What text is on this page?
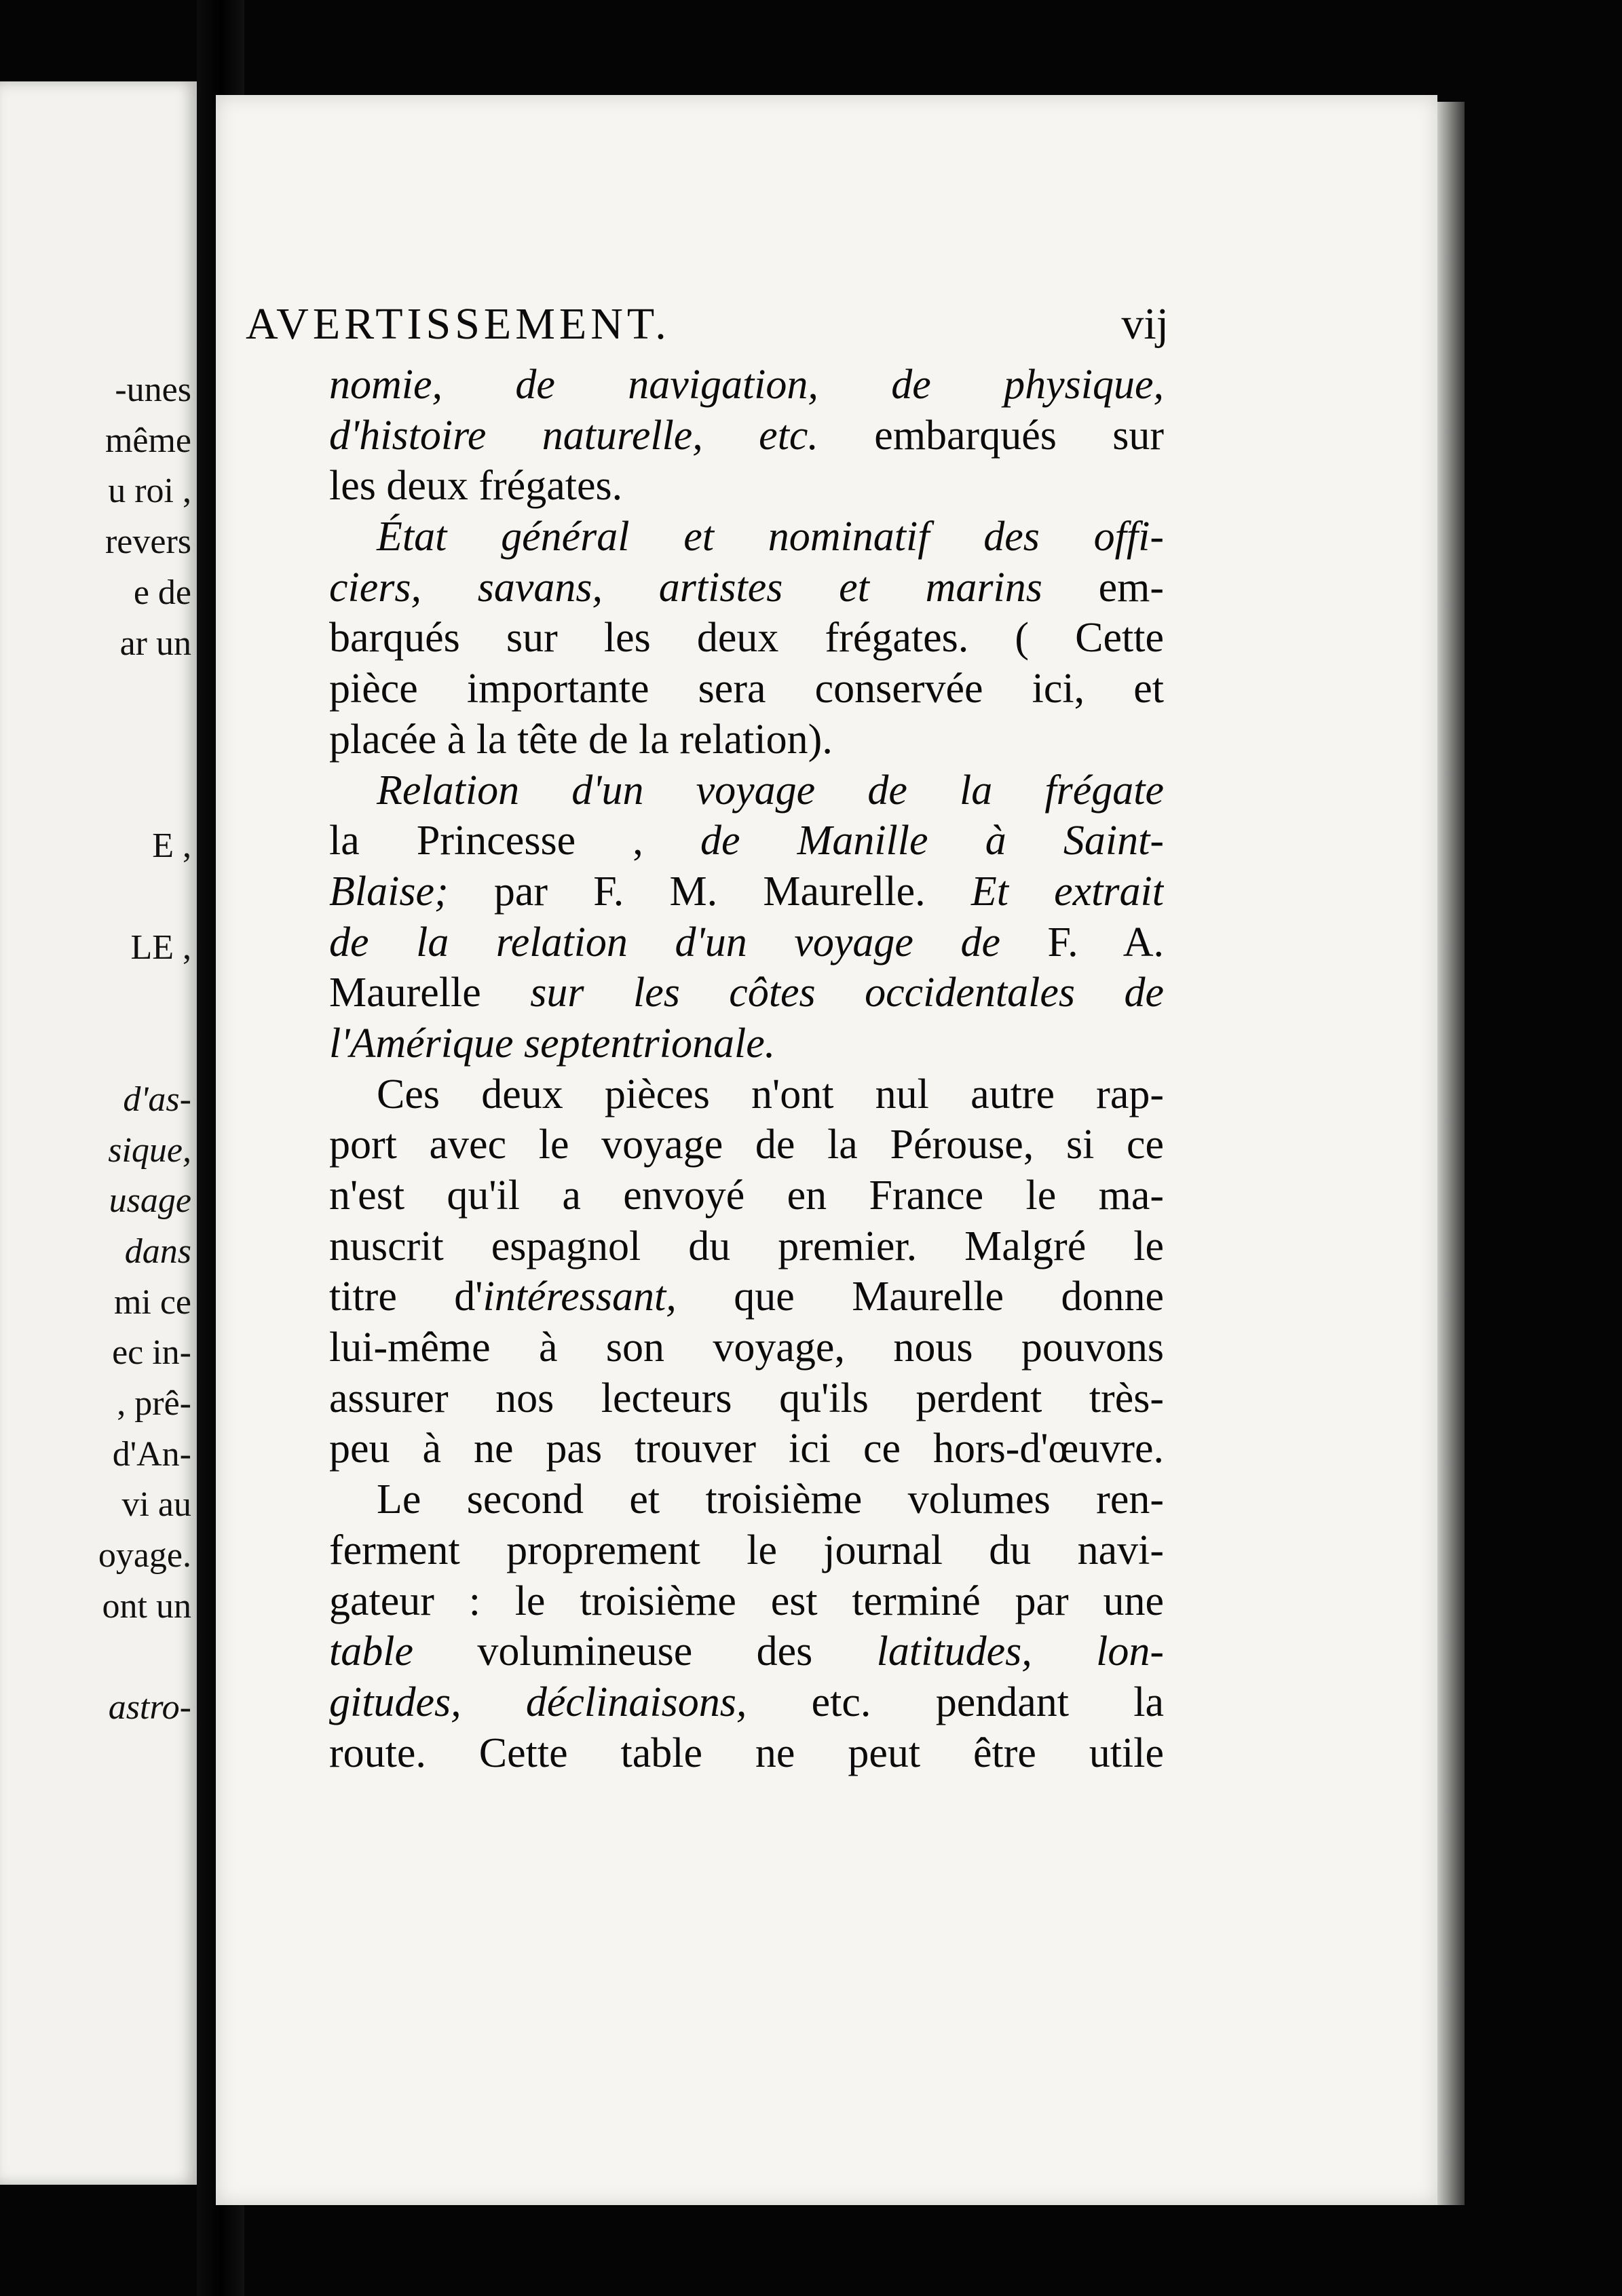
-unes
même
u roi ,
revers
e de
ar un
E ,
LE ,
d'as-
sique,
usage
dans
mi ce
ec in-
, prê-
d'An-
vi au
oyage.
ont un
astro-
AVERTISSEMENT.	vij
nomie, de navigation, de physique,
d'histoire naturelle, etc. embarqués sur
les deux frégates.
État général et nominatif des offi-
ciers, savans, artistes et marins em-
barqués sur les deux frégates. ( Cette
pièce importante sera conservée ici, et
placée à la tête de la relation).
Relation d'un voyage de la frégate
la Princesse , de Manille à Saint-
Blaise; par F. M. Maurelle. Et extrait
de la relation d'un voyage de F. A.
Maurelle sur les côtes occidentales de
l'Amérique septentrionale.
Ces deux pièces n'ont nul autre rap-
port avec le voyage de la Pérouse, si ce
n'est qu'il a envoyé en France le ma-
nuscrit espagnol du premier. Malgré le
titre d'intéressant, que Maurelle donne
lui-même à son voyage, nous pouvons
assurer nos lecteurs qu'ils perdent très-
peu à ne pas trouver ici ce hors-d'œuvre.
Le second et troisième volumes ren-
ferment proprement le journal du navi-
gateur : le troisième est terminé par une
table volumineuse des latitudes, lon-
gitudes, déclinaisons, etc. pendant la
route. Cette table ne peut être utile
